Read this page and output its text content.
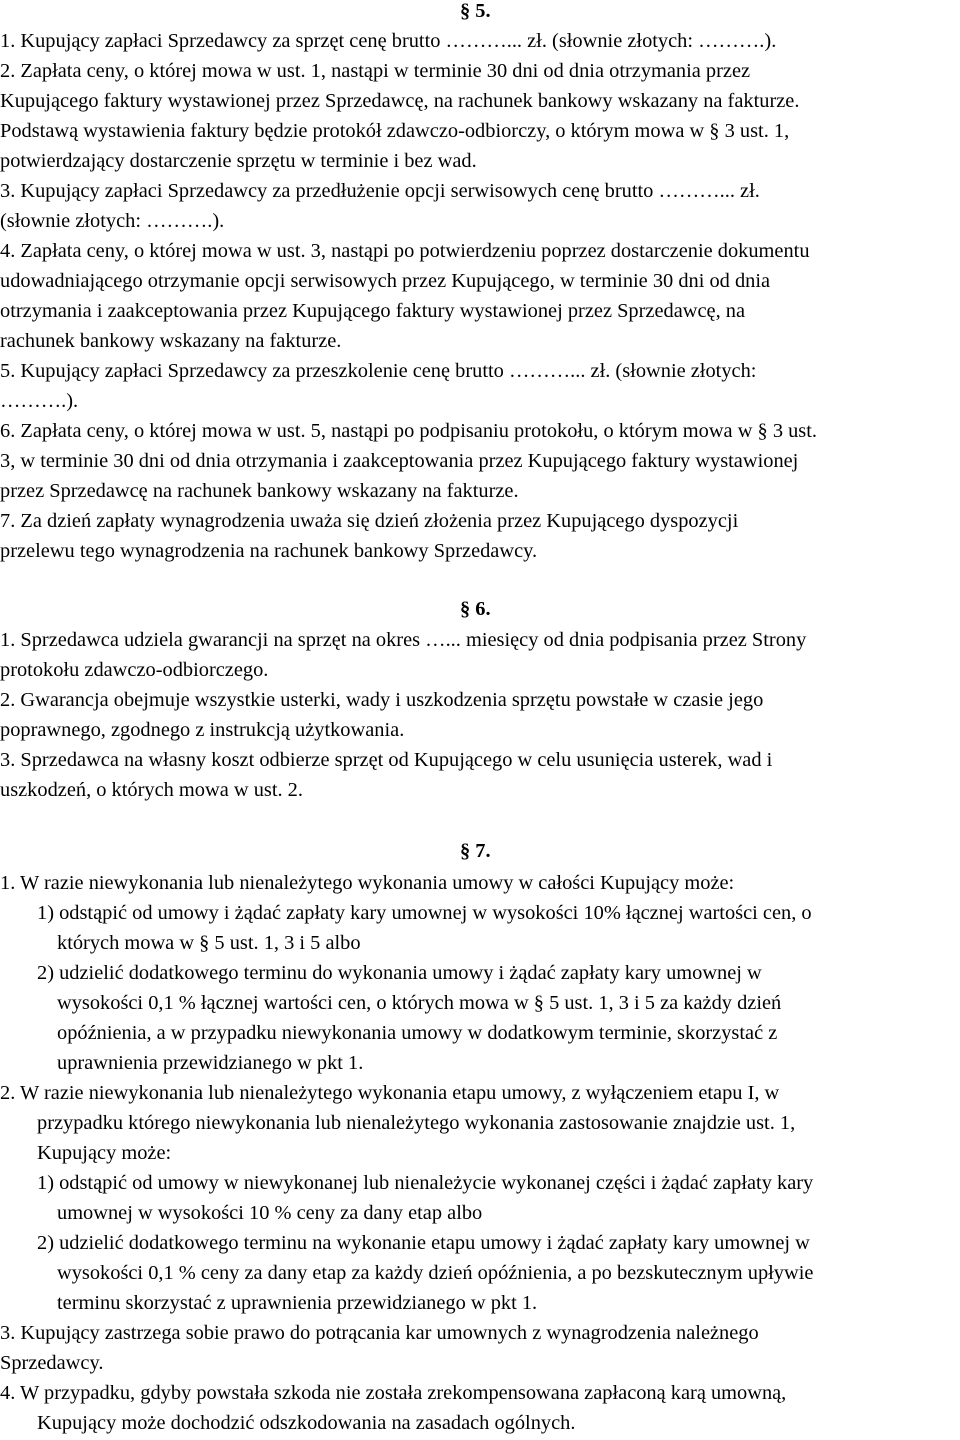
§ 5.
1. Kupujący zapłaci Sprzedawcy za sprzęt cenę brutto ………... zł. (słownie złotych: ……….).
2. Zapłata ceny, o której mowa w ust. 1, nastąpi w terminie 30 dni od dnia otrzymania przez
Kupującego faktury wystawionej przez Sprzedawcę, na rachunek bankowy wskazany na fakturze.
Podstawą wystawienia faktury będzie protokół zdawczo-odbiorczy, o którym mowa w § 3 ust. 1,
potwierdzający dostarczenie sprzętu w terminie i bez wad.
3. Kupujący zapłaci Sprzedawcy za przedłużenie opcji serwisowych cenę brutto ………... zł.
(słownie złotych: ……….).
4. Zapłata ceny, o której mowa w ust. 3, nastąpi po potwierdzeniu poprzez dostarczenie dokumentu
udowadniającego otrzymanie opcji serwisowych przez Kupującego, w terminie 30 dni od dnia
otrzymania i zaakceptowania przez Kupującego faktury wystawionej przez Sprzedawcę, na
rachunek bankowy wskazany na fakturze.
5. Kupujący zapłaci Sprzedawcy za przeszkolenie cenę brutto ………... zł. (słownie złotych:
……….).
6. Zapłata ceny, o której mowa w ust. 5, nastąpi po podpisaniu protokołu, o którym mowa w § 3 ust.
3, w terminie 30 dni od dnia otrzymania i zaakceptowania przez Kupującego faktury wystawionej
przez Sprzedawcę na rachunek bankowy wskazany na fakturze.
7. Za dzień zapłaty wynagrodzenia uważa się dzień złożenia przez Kupującego dyspozycji
przelewu tego wynagrodzenia na rachunek bankowy Sprzedawcy.
§ 6.
1. Sprzedawca udziela gwarancji na sprzęt na okres …... miesięcy od dnia podpisania przez Strony
protokołu zdawczo-odbiorczego.
2. Gwarancja obejmuje wszystkie usterki, wady i uszkodzenia sprzętu powstałe w czasie jego
poprawnego, zgodnego z instrukcją użytkowania.
3. Sprzedawca na własny koszt odbierze sprzęt od Kupującego w celu usunięcia usterek, wad i
uszkodzeń, o których mowa w ust. 2.
§ 7.
1. W razie niewykonania lub nienależytego wykonania umowy w całości Kupujący może:
1) odstąpić od umowy i żądać zapłaty kary umownej w wysokości 10% łącznej wartości cen, o
których mowa w § 5 ust. 1, 3 i 5 albo
2) udzielić dodatkowego terminu do wykonania umowy i żądać zapłaty kary umownej w
wysokości 0,1 % łącznej wartości cen, o których mowa w § 5 ust. 1, 3 i 5 za każdy dzień
opóźnienia, a w przypadku niewykonania umowy w dodatkowym terminie, skorzystać z
uprawnienia przewidzianego w pkt 1.
2. W razie niewykonania lub nienależytego wykonania etapu umowy, z wyłączeniem etapu I, w
przypadku którego niewykonania lub nienależytego wykonania zastosowanie znajdzie ust. 1,
Kupujący może:
1) odstąpić od umowy w niewykonanej lub nienależycie wykonanej części i żądać zapłaty kary
umownej w wysokości 10 % ceny za dany etap albo
2) udzielić dodatkowego terminu na wykonanie etapu umowy i żądać zapłaty kary umownej w
wysokości 0,1 % ceny za dany etap za każdy dzień opóźnienia, a po bezskutecznym upływie
terminu skorzystać z uprawnienia przewidzianego w pkt 1.
3. Kupujący zastrzega sobie prawo do potrącania kar umownych z wynagrodzenia należnego
Sprzedawcy.
4. W przypadku, gdyby powstała szkoda nie została zrekompensowana zapłaconą karą umowną,
Kupujący może dochodzić odszkodowania na zasadach ogólnych.
